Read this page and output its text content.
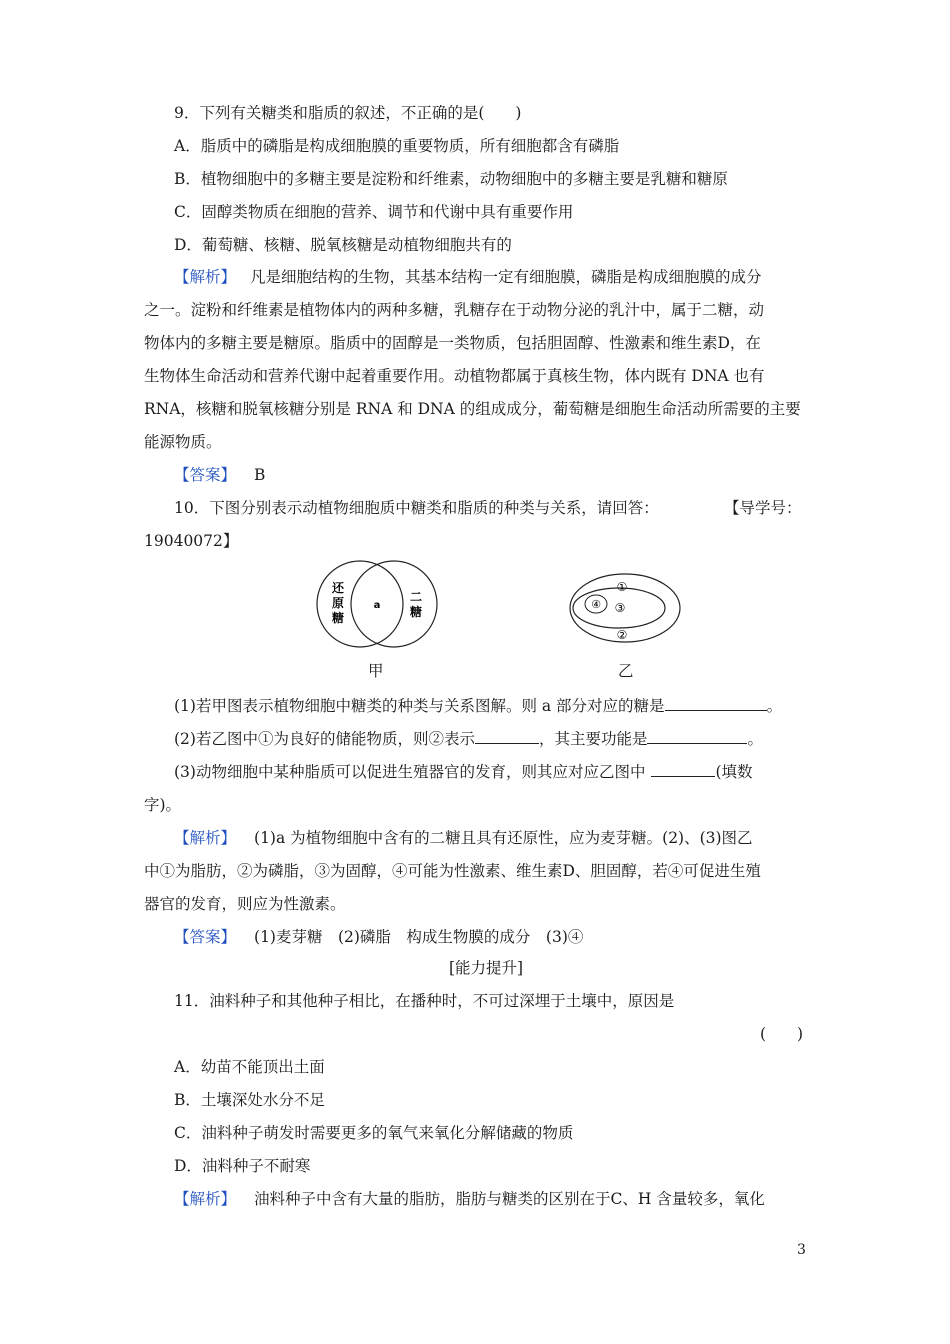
9．下列有关糖类和脂质的叙述，不正确的是(　　)
A．脂质中的磷脂是构成细胞膜的重要物质，所有细胞都含有磷脂
B．植物细胞中的多糖主要是淀粉和纤维素，动物细胞中的多糖主要是乳糖和糖原
C．固醇类物质在细胞的营养、调节和代谢中具有重要作用
D．葡萄糖、核糖、脱氧核糖是动植物细胞共有的
【解析】 凡是细胞结构的生物，其基本结构一定有细胞膜，磷脂是构成细胞膜的成分
之一。淀粉和纤维素是植物体内的两种多糖，乳糖存在于动物分泌的乳汁中，属于二糖，动
物体内的多糖主要是糖原。脂质中的固醇是一类物质，包括胆固醇、性激素和维生素D，在
生物体生命活动和营养代谢中起着重要作用。动植物都属于真核生物，体内既有 DNA 也有
RNA，核糖和脱氧核糖分别是 RNA 和 DNA 的组成成分，葡萄糖是细胞生命活动所需要的主要
能源物质。
【答案】 B
10．下图分别表示动植物细胞质中糖类和脂质的种类与关系，请回答：	【导学号：
19040072】
还
原
糖
a
二
糖
甲
①
④ ③
②
乙
(1)若甲图表示植物细胞中糖类的种类与关系图解。则 a 部分对应的糖是	。
(2)若乙图中①为良好的储能物质，则②表示	，其主要功能是	。
(3)动物细胞中某种脂质可以促进生殖器官的发育，则其应对应乙图中	(填数
字)。
【解析】 (1)a 为植物细胞中含有的二糖且具有还原性，应为麦芽糖。(2)、(3)图乙
中①为脂肪，②为磷脂，③为固醇，④可能为性激素、维生素D、胆固醇，若④可促进生殖
器官的发育，则应为性激素。
【答案】 (1)麦芽糖　(2)磷脂　构成生物膜的成分　(3)④
[能力提升]
11．油料种子和其他种子相比，在播种时，不可过深埋于土壤中，原因是
(　　)
A．幼苗不能顶出土面
B．土壤深处水分不足
C．油料种子萌发时需要更多的氧气来氧化分解储藏的物质
D．油料种子不耐寒
【解析】 油料种子中含有大量的脂肪，脂肪与糖类的区别在于C、H 含量较多，氧化
3
